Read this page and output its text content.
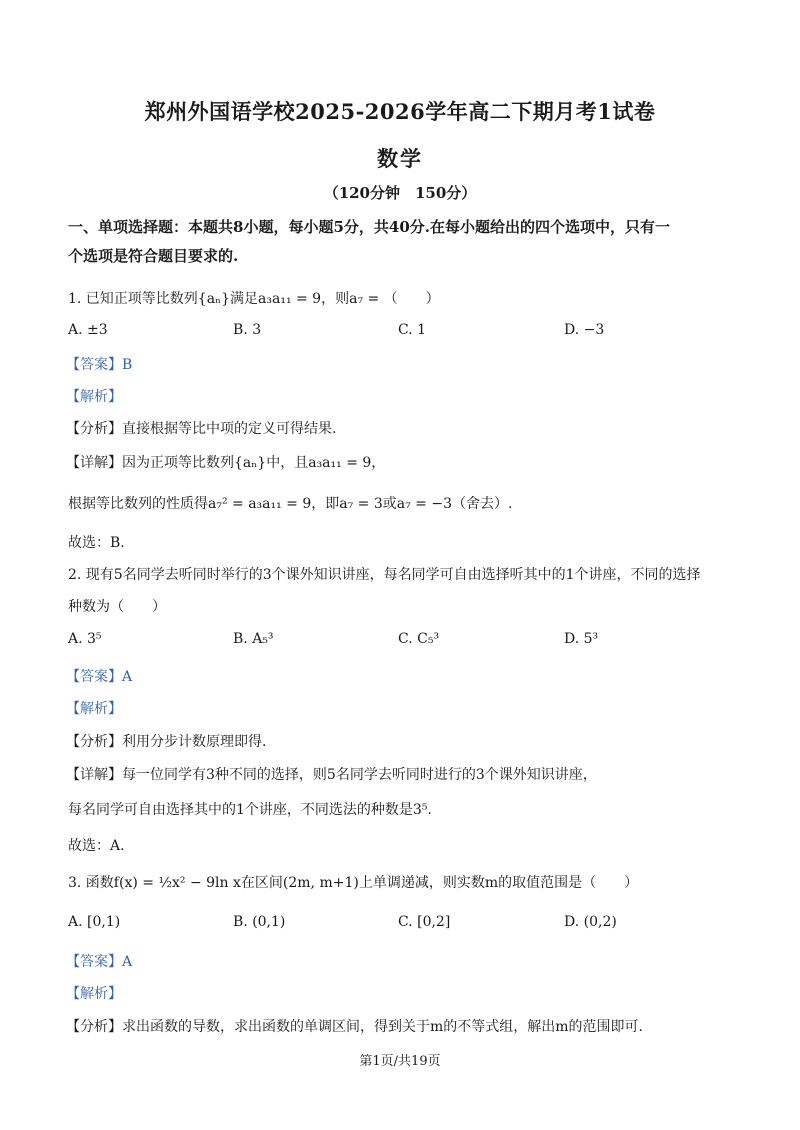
郑州外国语学校2025-2026学年高二下期月考1试卷
数学
（120分钟　150分）
一、单项选择题：本题共8小题，每小题5分，共40分.在每小题给出的四个选项中，只有一
个选项是符合题目要求的.
1. 已知正项等比数列{aₙ}满足a₃a₁₁ = 9，则a₇ = （　　）
A. ±3	B. 3	C. 1	D. −3
【答案】B
【解析】
【分析】直接根据等比中项的定义可得结果.
【详解】因为正项等比数列{aₙ}中，且a₃a₁₁ = 9，
根据等比数列的性质得a₇² = a₃a₁₁ = 9，即a₇ = 3或a₇ = −3（舍去）.
故选：B.
2. 现有5名同学去听同时举行的3个课外知识讲座，每名同学可自由选择听其中的1个讲座，不同的选择
种数为（　　）
A. 3⁵	B. A₅³	C. C₅³	D. 5³
【答案】A
【解析】
【分析】利用分步计数原理即得.
【详解】每一位同学有3种不同的选择，则5名同学去听同时进行的3个课外知识讲座，
每名同学可自由选择其中的1个讲座，不同选法的种数是3⁵.
故选：A.
3. 函数f(x) = ½x² − 9ln x在区间(2m, m+1)上单调递减，则实数m的取值范围是（　　）
A. [0,1)	B. (0,1)	C. [0,2]	D. (0,2)
【答案】A
【解析】
【分析】求出函数的导数，求出函数的单调区间，得到关于m的不等式组，解出m的范围即可.
第1页/共19页
